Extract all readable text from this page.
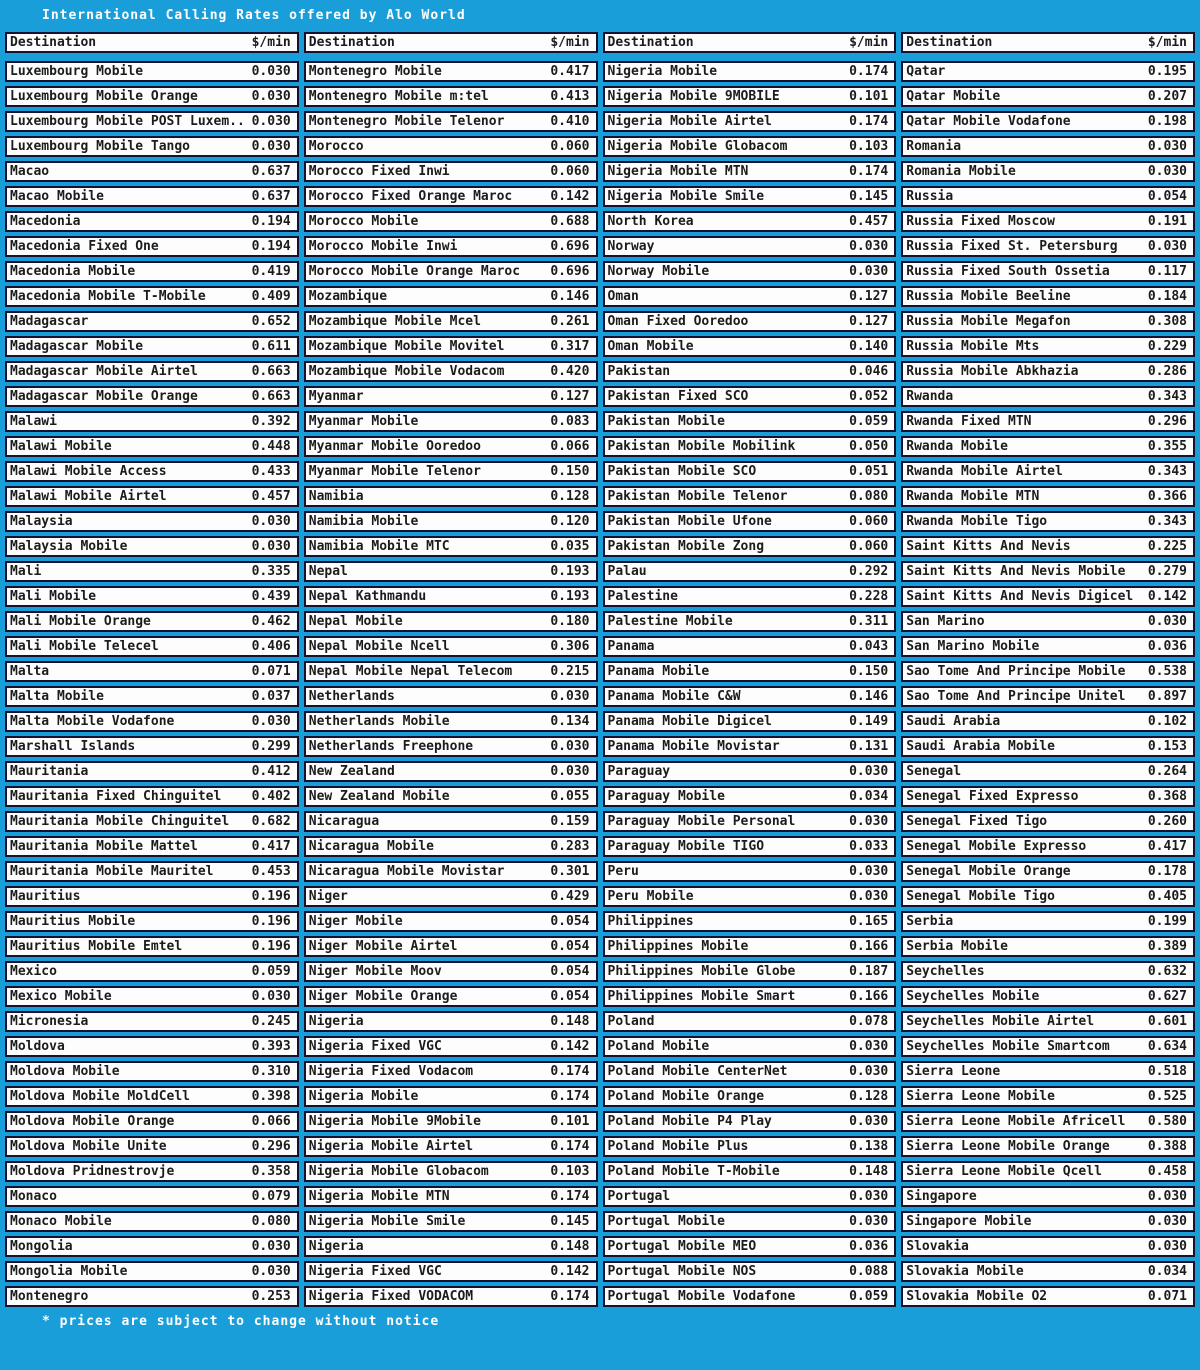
International Calling Rates offered by Alo World
Destination	$/min
Luxembourg Mobile	0.030
Luxembourg Mobile Orange	0.030
Luxembourg Mobile POST Luxem.. 0.030
Luxembourg Mobile Tango	0.030
Macao	0.637
Macao Mobile	0.637
Macedonia	0.194
Macedonia Fixed One	0.194
Macedonia Mobile	0.419
Macedonia Mobile T-Mobile	0.409
Madagascar	0.652
Madagascar Mobile	0.611
Madagascar Mobile Airtel	0.663
Madagascar Mobile Orange	0.663
Malawi	0.392
Malawi Mobile	0.448
Malawi Mobile Access	0.433
Malawi Mobile Airtel	0.457
Malaysia	0.030
Malaysia Mobile	0.030
Mali	0.335
Mali Mobile	0.439
Mali Mobile Orange	0.462
Mali Mobile Telecel	0.406
Malta	0.071
Malta Mobile	0.037
Malta Mobile Vodafone	0.030
Marshall Islands	0.299
Mauritania	0.412
Mauritania Fixed Chinguitel	0.402
Mauritania Mobile Chinguitel	0.682
Mauritania Mobile Mattel	0.417
Mauritania Mobile Mauritel	0.453
Mauritius	0.196
Mauritius Mobile	0.196
Mauritius Mobile Emtel	0.196
Mexico	0.059
Mexico Mobile	0.030
Micronesia	0.245
Moldova	0.393
Moldova Mobile	0.310
Moldova Mobile MoldCell	0.398
Moldova Mobile Orange	0.066
Moldova Mobile Unite	0.296
Moldova Pridnestrovje	0.358
Monaco	0.079
Monaco Mobile	0.080
Mongolia	0.030
Mongolia Mobile	0.030
Montenegro	0.253
Destination	$/min
Montenegro Mobile	0.417
Montenegro Mobile m:tel	0.413
Montenegro Mobile Telenor	0.410
Morocco	0.060
Morocco Fixed Inwi	0.060
Morocco Fixed Orange Maroc	0.142
Morocco Mobile	0.688
Morocco Mobile Inwi	0.696
Morocco Mobile Orange Maroc	0.696
Mozambique	0.146
Mozambique Mobile Mcel	0.261
Mozambique Mobile Movitel	0.317
Mozambique Mobile Vodacom	0.420
Myanmar	0.127
Myanmar Mobile	0.083
Myanmar Mobile Ooredoo	0.066
Myanmar Mobile Telenor	0.150
Namibia	0.128
Namibia Mobile	0.120
Namibia Mobile MTC	0.035
Nepal	0.193
Nepal Kathmandu	0.193
Nepal Mobile	0.180
Nepal Mobile Ncell	0.306
Nepal Mobile Nepal Telecom	0.215
Netherlands	0.030
Netherlands Mobile	0.134
Netherlands Freephone	0.030
New Zealand	0.030
New Zealand Mobile	0.055
Nicaragua	0.159
Nicaragua Mobile	0.283
Nicaragua Mobile Movistar	0.301
Niger	0.429
Niger Mobile	0.054
Niger Mobile Airtel	0.054
Niger Mobile Moov	0.054
Niger Mobile Orange	0.054
Nigeria	0.148
Nigeria Fixed VGC	0.142
Nigeria Fixed Vodacom	0.174
Nigeria Mobile	0.174
Nigeria Mobile 9Mobile	0.101
Nigeria Mobile Airtel	0.174
Nigeria Mobile Globacom	0.103
Nigeria Mobile MTN	0.174
Nigeria Mobile Smile	0.145
Nigeria	0.148
Nigeria Fixed VGC	0.142
Nigeria Fixed VODACOM	0.174
Destination	$/min
Nigeria Mobile	0.174
Nigeria Mobile 9MOBILE	0.101
Nigeria Mobile Airtel	0.174
Nigeria Mobile Globacom	0.103
Nigeria Mobile MTN	0.174
Nigeria Mobile Smile	0.145
North Korea	0.457
Norway	0.030
Norway Mobile	0.030
Oman	0.127
Oman Fixed Ooredoo	0.127
Oman Mobile	0.140
Pakistan	0.046
Pakistan Fixed SCO	0.052
Pakistan Mobile	0.059
Pakistan Mobile Mobilink	0.050
Pakistan Mobile SCO	0.051
Pakistan Mobile Telenor	0.080
Pakistan Mobile Ufone	0.060
Pakistan Mobile Zong	0.060
Palau	0.292
Palestine	0.228
Palestine Mobile	0.311
Panama	0.043
Panama Mobile	0.150
Panama Mobile C&W	0.146
Panama Mobile Digicel	0.149
Panama Mobile Movistar	0.131
Paraguay	0.030
Paraguay Mobile	0.034
Paraguay Mobile Personal	0.030
Paraguay Mobile TIGO	0.033
Peru	0.030
Peru Mobile	0.030
Philippines	0.165
Philippines Mobile	0.166
Philippines Mobile Globe	0.187
Philippines Mobile Smart	0.166
Poland	0.078
Poland Mobile	0.030
Poland Mobile CenterNet	0.030
Poland Mobile Orange	0.128
Poland Mobile P4 Play	0.030
Poland Mobile Plus	0.138
Poland Mobile T-Mobile	0.148
Portugal	0.030
Portugal Mobile	0.030
Portugal Mobile MEO	0.036
Portugal Mobile NOS	0.088
Portugal Mobile Vodafone	0.059
Destination	$/min
Qatar	0.195
Qatar Mobile	0.207
Qatar Mobile Vodafone	0.198
Romania	0.030
Romania Mobile	0.030
Russia	0.054
Russia Fixed Moscow	0.191
Russia Fixed St. Petersburg	0.030
Russia Fixed South Ossetia	0.117
Russia Mobile Beeline	0.184
Russia Mobile Megafon	0.308
Russia Mobile Mts	0.229
Russia Mobile Abkhazia	0.286
Rwanda	0.343
Rwanda Fixed MTN	0.296
Rwanda Mobile	0.355
Rwanda Mobile Airtel	0.343
Rwanda Mobile MTN	0.366
Rwanda Mobile Tigo	0.343
Saint Kitts And Nevis	0.225
Saint Kitts And Nevis Mobile	0.279
Saint Kitts And Nevis Digicel	0.142
San Marino	0.030
San Marino Mobile	0.036
Sao Tome And Principe Mobile	0.538
Sao Tome And Principe Unitel	0.897
Saudi Arabia	0.102
Saudi Arabia Mobile	0.153
Senegal	0.264
Senegal Fixed Expresso	0.368
Senegal Fixed Tigo	0.260
Senegal Mobile Expresso	0.417
Senegal Mobile Orange	0.178
Senegal Mobile Tigo	0.405
Serbia	0.199
Serbia Mobile	0.389
Seychelles	0.632
Seychelles Mobile	0.627
Seychelles Mobile Airtel	0.601
Seychelles Mobile Smartcom	0.634
Sierra Leone	0.518
Sierra Leone Mobile	0.525
Sierra Leone Mobile Africell	0.580
Sierra Leone Mobile Orange	0.388
Sierra Leone Mobile Qcell	0.458
Singapore	0.030
Singapore Mobile	0.030
Slovakia	0.030
Slovakia Mobile	0.034
Slovakia Mobile O2	0.071
* prices are subject to change without notice
